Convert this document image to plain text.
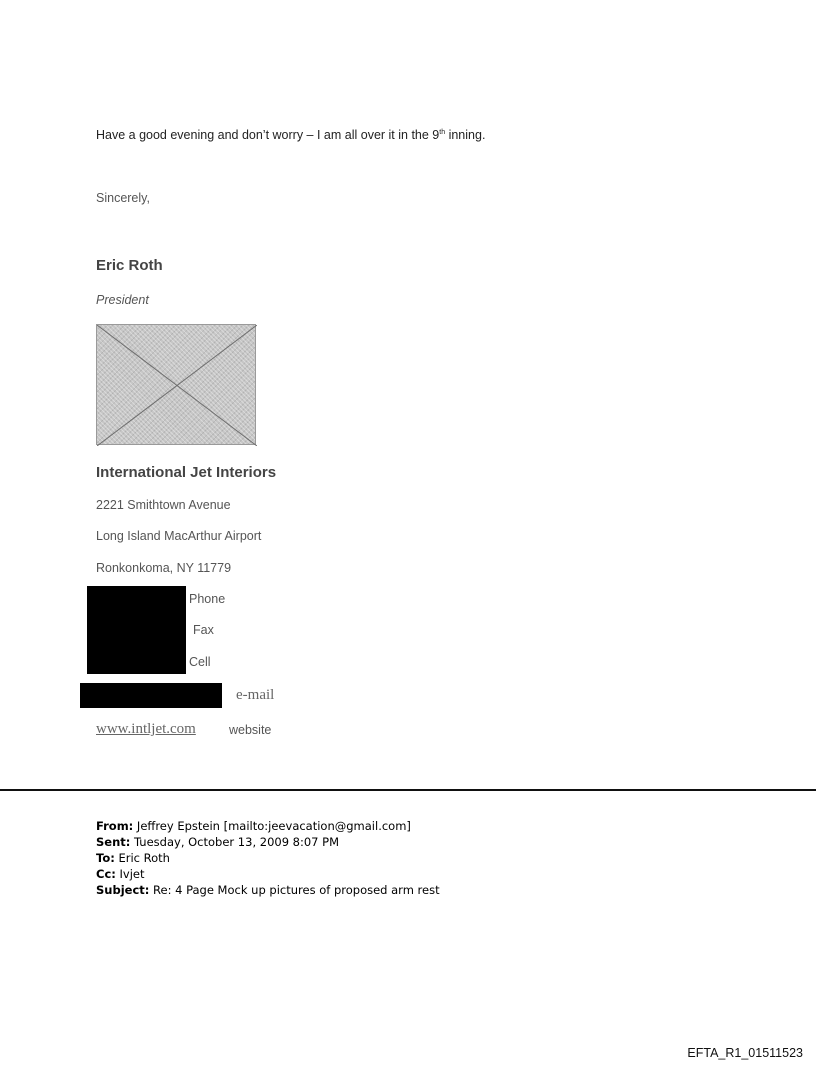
Have a good evening and don’t worry – I am all over it in the 9th inning.
Sincerely,
Eric Roth
President
International Jet Interiors
2221 Smithtown Avenue
Long Island MacArthur Airport
Ronkonkoma, NY 11779
Phone
Fax
Cell
e-mail
www.intljet.com	website
From: Jeffrey Epstein [mailto:jeevacation@gmail.com]
Sent: Tuesday, October 13, 2009 8:07 PM
To: Eric Roth
Cc: Ivjet
Subject: Re: 4 Page Mock up pictures of proposed arm rest
EFTA_R1_01511523
